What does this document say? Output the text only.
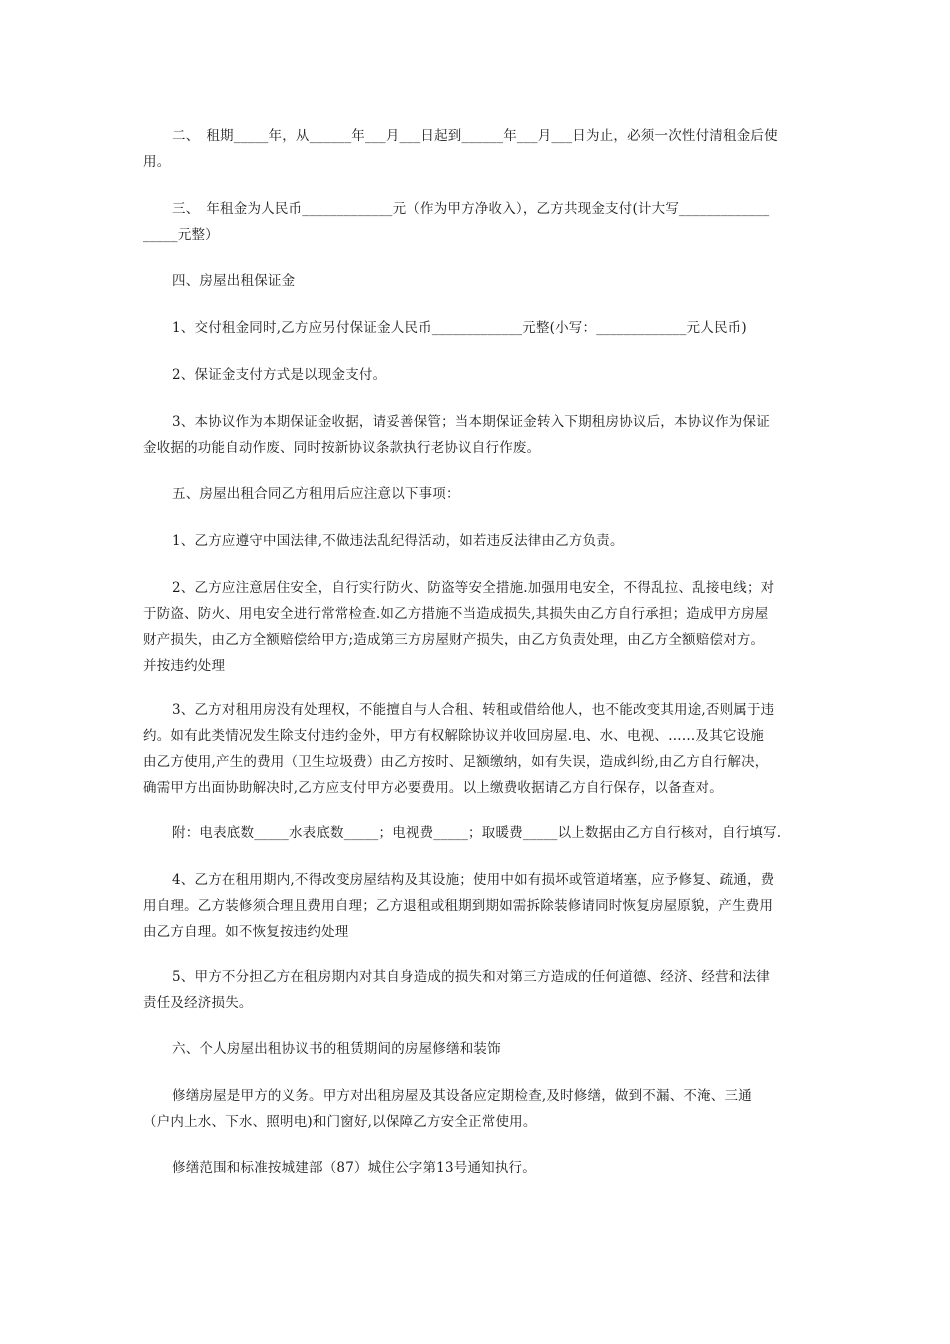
二、　租期_____年，从______年___月___日起到______年___月___日为止，必须一次性付清租金后使
用。

三、　年租金为人民币_____________元（作为甲方净收入），乙方共现金支付(计大写_____________
_____元整）

四、房屋出租保证金

1、交付租金同时,乙方应另付保证金人民币_____________元整(小写：_____________元人民币)

2、保证金支付方式是以现金支付。

3、本协议作为本期保证金收据，请妥善保管；当本期保证金转入下期租房协议后，本协议作为保证
金收据的功能自动作废、同时按新协议条款执行老协议自行作废。

五、房屋出租合同乙方租用后应注意以下事项：

1、乙方应遵守中国法律,不做违法乱纪得活动，如若违反法律由乙方负责。

2、乙方应注意居住安全，自行实行防火、防盗等安全措施.加强用电安全，不得乱拉、乱接电线；对
于防盗、防火、用电安全进行常常检查.如乙方措施不当造成损失,其损失由乙方自行承担；造成甲方房屋
财产损失，由乙方全额赔偿给甲方;造成第三方房屋财产损失，由乙方负责处理，由乙方全额赔偿对方。
并按违约处理

3、乙方对租用房没有处理权，不能擅自与人合租、转租或借给他人，也不能改变其用途,否则属于违
约。如有此类情况发生除支付违约金外，甲方有权解除协议并收回房屋.电、水、电视、……及其它设施
由乙方使用,产生的费用（卫生垃圾费）由乙方按时、足额缴纳，如有失误，造成纠纷,由乙方自行解决，
确需甲方出面协助解决时,乙方应支付甲方必要费用。以上缴费收据请乙方自行保存，以备查对。

附：电表底数_____水表底数_____；电视费_____；取暖费_____以上数据由乙方自行核对，自行填写.

4、乙方在租用期内,不得改变房屋结构及其设施；使用中如有损坏或管道堵塞，应予修复、疏通，费
用自理。乙方装修须合理且费用自理；乙方退租或租期到期如需拆除装修请同时恢复房屋原貌，产生费用
由乙方自理。如不恢复按违约处理

5、甲方不分担乙方在租房期内对其自身造成的损失和对第三方造成的任何道德、经济、经营和法律
责任及经济损失。

六、个人房屋出租协议书的租赁期间的房屋修缮和装饰

修缮房屋是甲方的义务。甲方对出租房屋及其设备应定期检查,及时修缮，做到不漏、不淹、三通
（户内上水、下水、照明电)和门窗好,以保障乙方安全正常使用。

修缮范围和标准按城建部（87）城住公字第13号通知执行。
